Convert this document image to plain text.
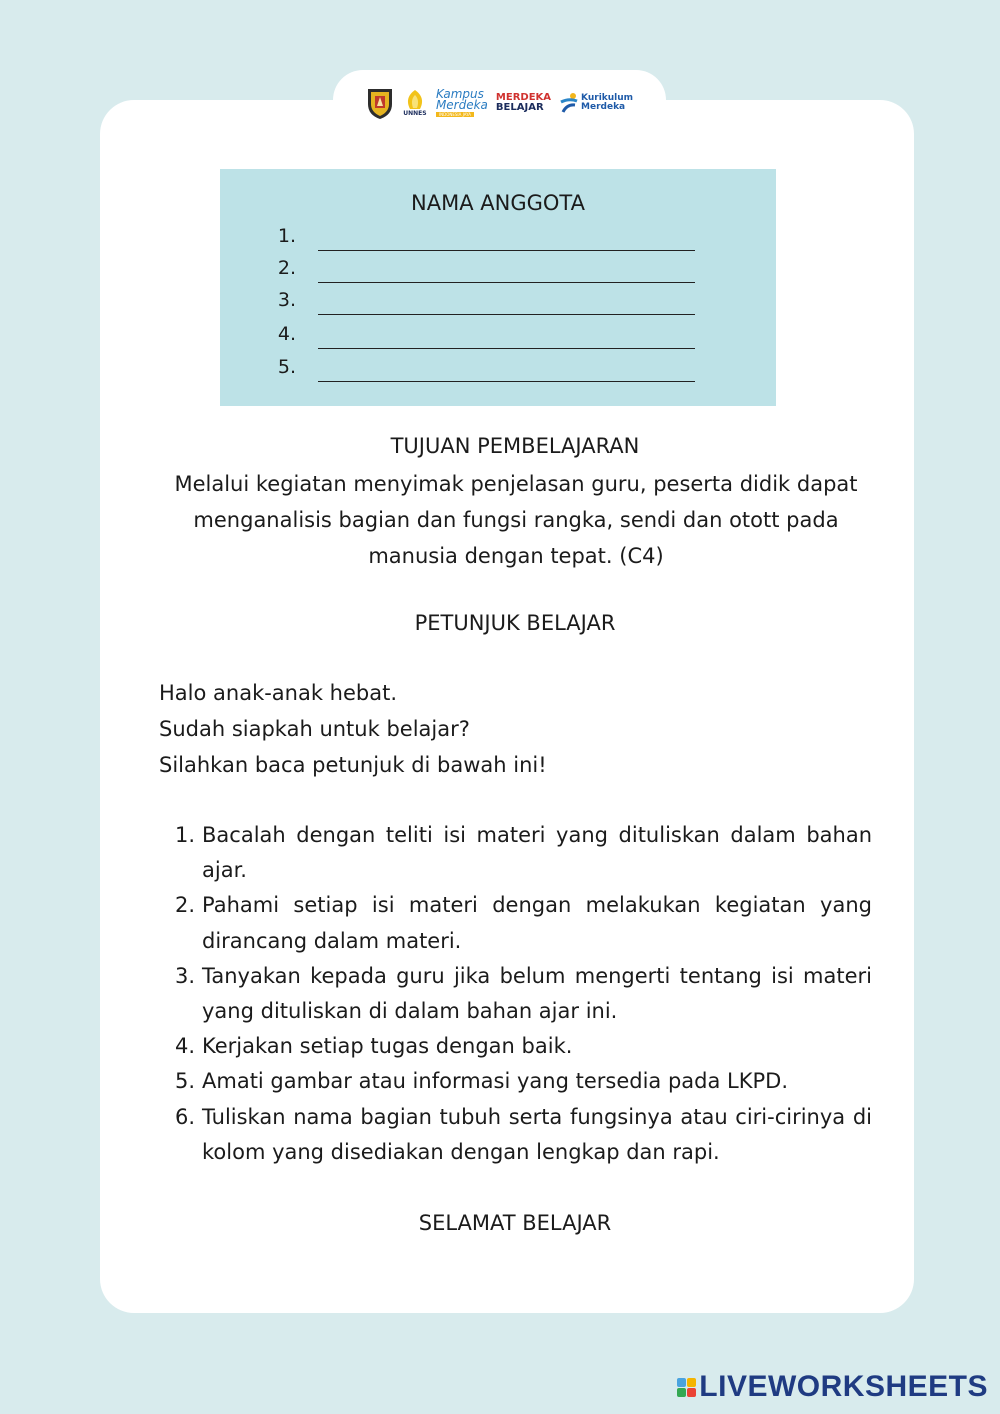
UNNES
Kampus
Merdeka
INDONESIA JAYA
MERDEKA
BELAJAR
Kurikulum
Merdeka
NAMA ANGGOTA
1.
2.
3.
4.
5.
TUJUAN PEMBELAJARAN
Melalui kegiatan menyimak penjelasan guru, peserta didik dapat menganalisis bagian dan fungsi rangka, sendi dan otott pada manusia dengan tepat. (C4)
PETUNJUK BELAJAR
Halo anak-anak hebat.
Sudah siapkah untuk belajar?
Silahkan baca petunjuk di bawah ini!
1. Bacalah dengan teliti isi materi yang dituliskan dalam bahan ajar.
2. Pahami setiap isi materi dengan melakukan kegiatan yang dirancang dalam materi.
3. Tanyakan kepada guru jika belum mengerti tentang isi materi yang dituliskan di dalam bahan ajar ini.
4. Kerjakan setiap tugas dengan baik.
5. Amati gambar atau informasi yang tersedia pada LKPD.
6. Tuliskan nama bagian tubuh serta fungsinya atau ciri-cirinya di kolom yang disediakan dengan lengkap dan rapi.
SELAMAT BELAJAR
LIVEWORKSHEETS
